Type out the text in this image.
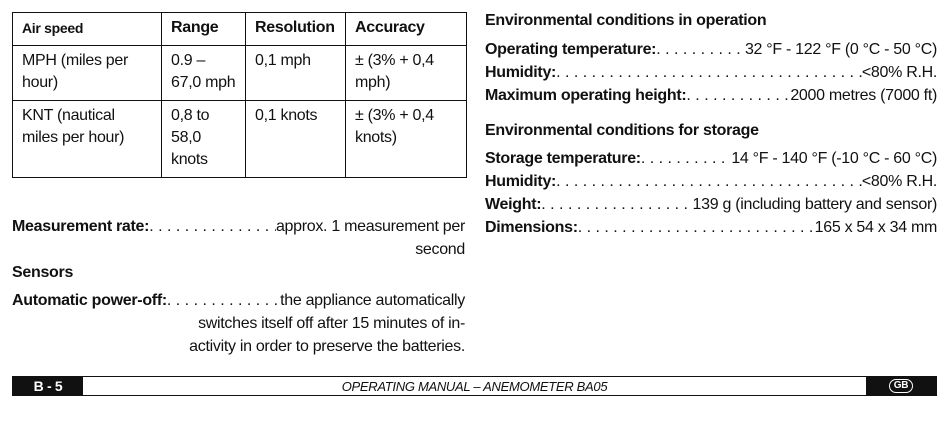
Air speed	Range	Resolution	Accuracy
MPH (miles per hour)	0.9 – 67,0 mph	0,1 mph	± (3% + 0,4 mph)
KNT (nautical miles per hour)	0,8 to 58,0 knots	0,1 knots	± (3% + 0,4 knots)
Measurement rate: . . .	approx. 1 measurement per
second
Sensors
Automatic power-off: . . .	the appliance automatically
switches itself off after 15 minutes of in-
activity in order to preserve the batteries.
Environmental conditions in operation
Operating temperature: . . .	32 °F - 122 °F (0 °C - 50 °C)
Humidity: . . .	<80% R.H.
Maximum operating height: . . .	2000 metres (7000 ft)
Environmental conditions for storage
Storage temperature: . . .	14 °F - 140 °F (-10 °C - 60 °C)
Humidity: . . .	<80% R.H.
Weight: . . .	139 g (including battery and sensor)
Dimensions: . . .	165 x 54 x 34 mm
B - 5	OPERATING MANUAL – ANEMOMETER BA05	GB
